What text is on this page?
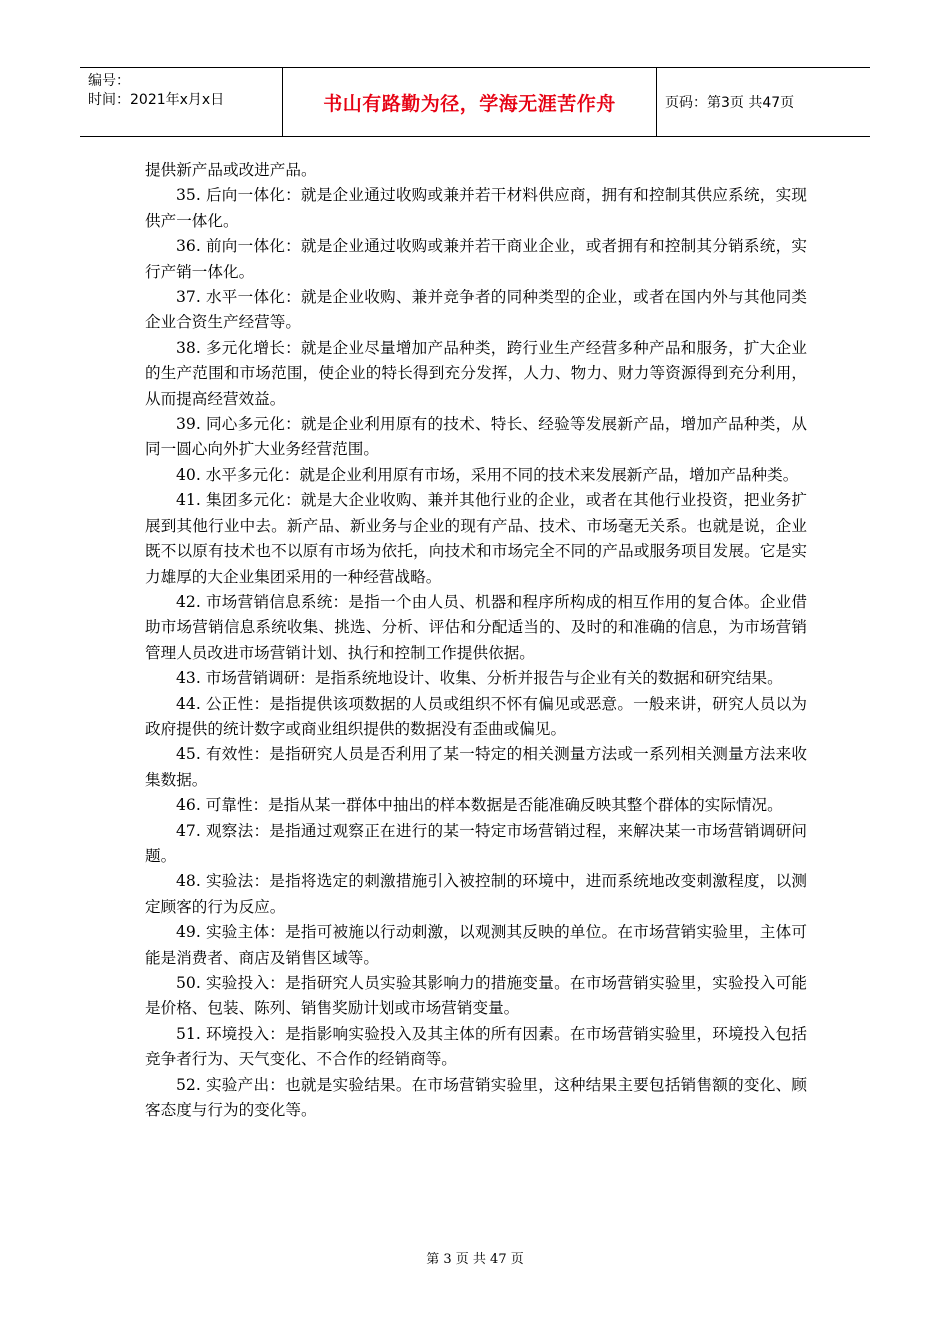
编号：
时间：2021年x月x日	书山有路勤为径，学海无涯苦作舟	页码：第3页 共47页

提供新产品或改进产品。

35. 后向一体化：就是企业通过收购或兼并若干材料供应商，拥有和控制其供应系统，实现供产一体化。

36. 前向一体化：就是企业通过收购或兼并若干商业企业，或者拥有和控制其分销系统，实行产销一体化。

37. 水平一体化：就是企业收购、兼并竞争者的同种类型的企业，或者在国内外与其他同类企业合资生产经营等。

38. 多元化增长：就是企业尽量增加产品种类，跨行业生产经营多种产品和服务，扩大企业的生产范围和市场范围，使企业的特长得到充分发挥，人力、物力、财力等资源得到充分利用，从而提高经营效益。

39. 同心多元化：就是企业利用原有的技术、特长、经验等发展新产品，增加产品种类，从同一圆心向外扩大业务经营范围。

40. 水平多元化：就是企业利用原有市场，采用不同的技术来发展新产品，增加产品种类。

41. 集团多元化：就是大企业收购、兼并其他行业的企业，或者在其他行业投资，把业务扩展到其他行业中去。新产品、新业务与企业的现有产品、技术、市场毫无关系。也就是说，企业既不以原有技术也不以原有市场为依托，向技术和市场完全不同的产品或服务项目发展。它是实力雄厚的大企业集团采用的一种经营战略。

42. 市场营销信息系统：是指一个由人员、机器和程序所构成的相互作用的复合体。企业借助市场营销信息系统收集、挑选、分析、评估和分配适当的、及时的和准确的信息，为市场营销管理人员改进市场营销计划、执行和控制工作提供依据。

43. 市场营销调研：是指系统地设计、收集、分析并报告与企业有关的数据和研究结果。

44. 公正性：是指提供该项数据的人员或组织不怀有偏见或恶意。一般来讲，研究人员以为政府提供的统计数字或商业组织提供的数据没有歪曲或偏见。

45. 有效性：是指研究人员是否利用了某一特定的相关测量方法或一系列相关测量方法来收集数据。

46. 可靠性：是指从某一群体中抽出的样本数据是否能准确反映其整个群体的实际情况。

47. 观察法：是指通过观察正在进行的某一特定市场营销过程，来解决某一市场营销调研问题。

48. 实验法：是指将选定的刺激措施引入被控制的环境中，进而系统地改变刺激程度，以测定顾客的行为反应。

49. 实验主体：是指可被施以行动刺激，以观测其反映的单位。在市场营销实验里，主体可能是消费者、商店及销售区域等。

50. 实验投入：是指研究人员实验其影响力的措施变量。在市场营销实验里，实验投入可能是价格、包装、陈列、销售奖励计划或市场营销变量。

51. 环境投入：是指影响实验投入及其主体的所有因素。在市场营销实验里，环境投入包括竞争者行为、天气变化、不合作的经销商等。

52. 实验产出：也就是实验结果。在市场营销实验里，这种结果主要包括销售额的变化、顾客态度与行为的变化等。

第 3 页 共 47 页
